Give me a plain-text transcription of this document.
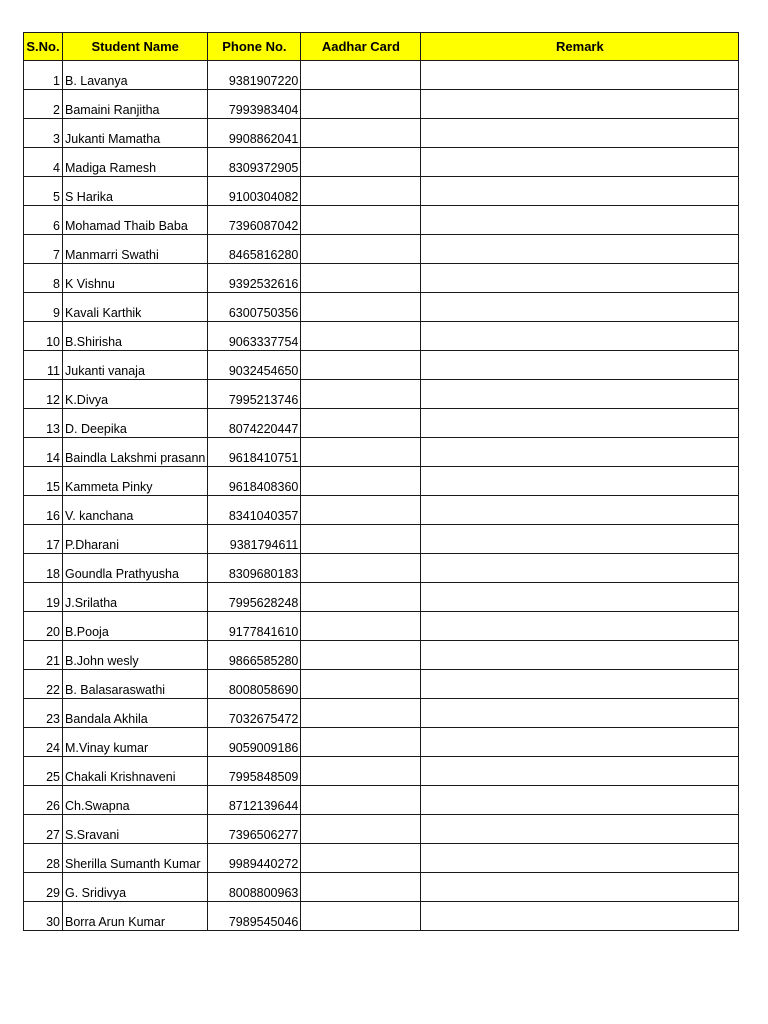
S.No.	Student Name	Phone No.	Aadhar Card	Remark
1	B. Lavanya	9381907220		
2	Bamaini Ranjitha	7993983404		
3	Jukanti Mamatha	9908862041		
4	Madiga Ramesh	8309372905		
5	S Harika	9100304082		
6	Mohamad Thaib Baba	7396087042		
7	Manmarri Swathi	8465816280		
8	K Vishnu	9392532616		
9	Kavali Karthik	6300750356		
10	B.Shirisha	9063337754		
11	Jukanti vanaja	9032454650		
12	K.Divya	7995213746		
13	D. Deepika	8074220447		
14	Baindla Lakshmi prasann	9618410751		
15	Kammeta Pinky	9618408360		
16	V. kanchana	8341040357		
17	P.Dharani	9381794611		
18	Goundla Prathyusha	8309680183		
19	J.Srilatha	7995628248		
20	B.Pooja	9177841610		
21	B.John wesly	9866585280		
22	B. Balasaraswathi	8008058690		
23	Bandala Akhila	7032675472		
24	M.Vinay kumar	9059009186		
25	Chakali Krishnaveni	7995848509		
26	Ch.Swapna	8712139644		
27	S.Sravani	7396506277		
28	Sherilla Sumanth Kumar	9989440272		
29	G. Sridivya	8008800963		
30	Borra Arun Kumar	7989545046		
